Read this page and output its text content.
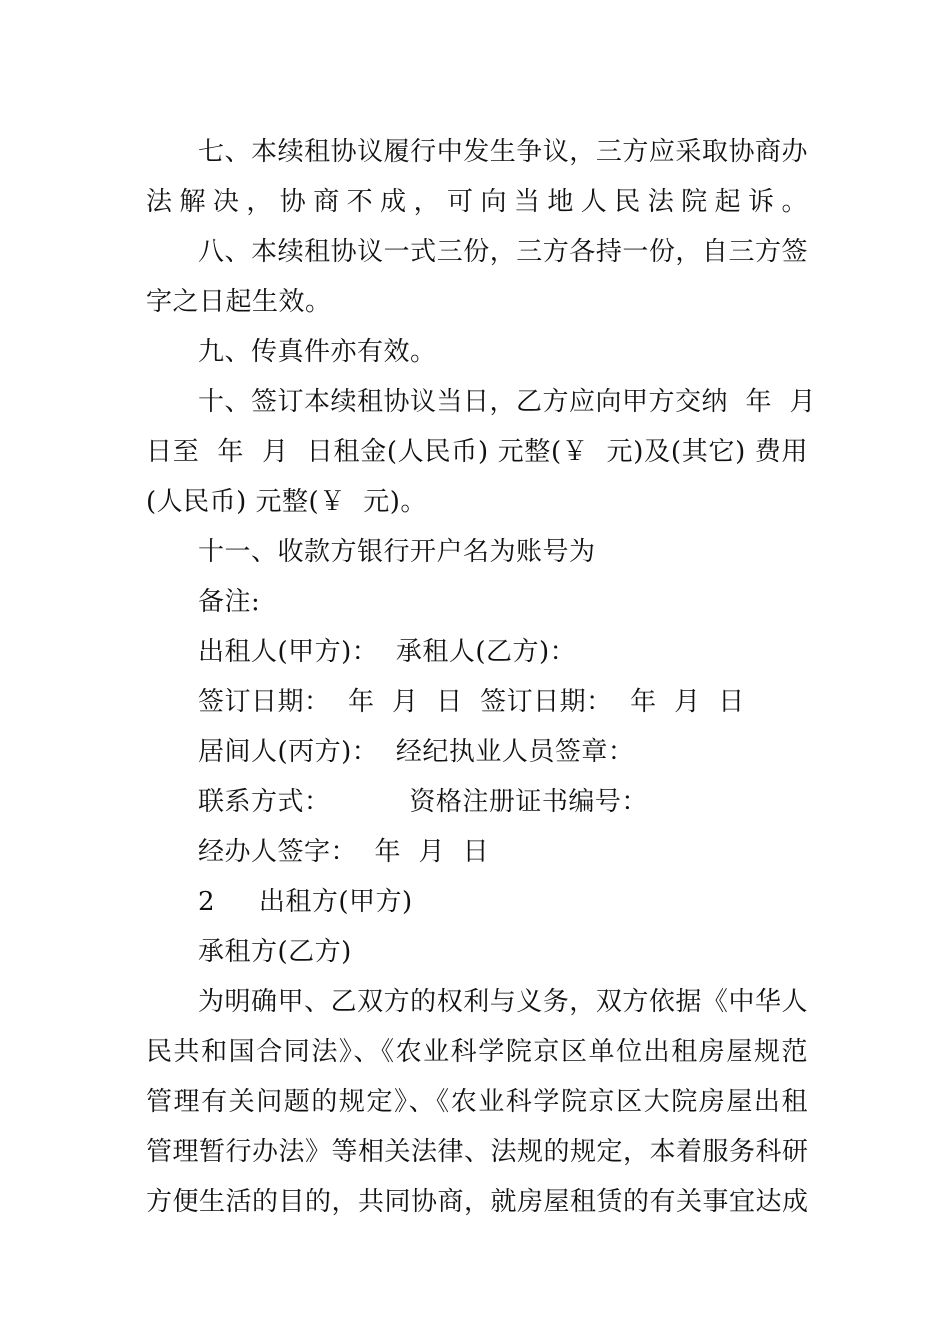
七、本续租协议履行中发生争议，三方应采取协商办
法解决，协商不成，可向当地人民法院起诉。
八、本续租协议一式三份，三方各持一份，自三方签
字之日起生效。
九、传真件亦有效。
十、签订本续租协议当日，乙方应向甲方交纳  年  月
日至  年  月  日租金(人民币) 元整(￥  元)及(其它) 费用
(人民币) 元整(￥  元)。
十一、收款方银行开户名为账号为
备注:
出租人(甲方)：  承租人(乙方)：
签订日期：  年  月  日  签订日期：  年  月  日
居间人(丙方)：  经纪执业人员签章：
联系方式：         资格注册证书编号：
经办人签字：  年  月  日
2     出租方(甲方)
承租方(乙方)
为明确甲、乙双方的权利与义务，双方依据《中华人
民共和国合同法》、《农业科学院京区单位出租房屋规范
管理有关问题的规定》、《农业科学院京区大院房屋出租
管理暂行办法》等相关法律、法规的规定，本着服务科研
方便生活的目的，共同协商，就房屋租赁的有关事宜达成
